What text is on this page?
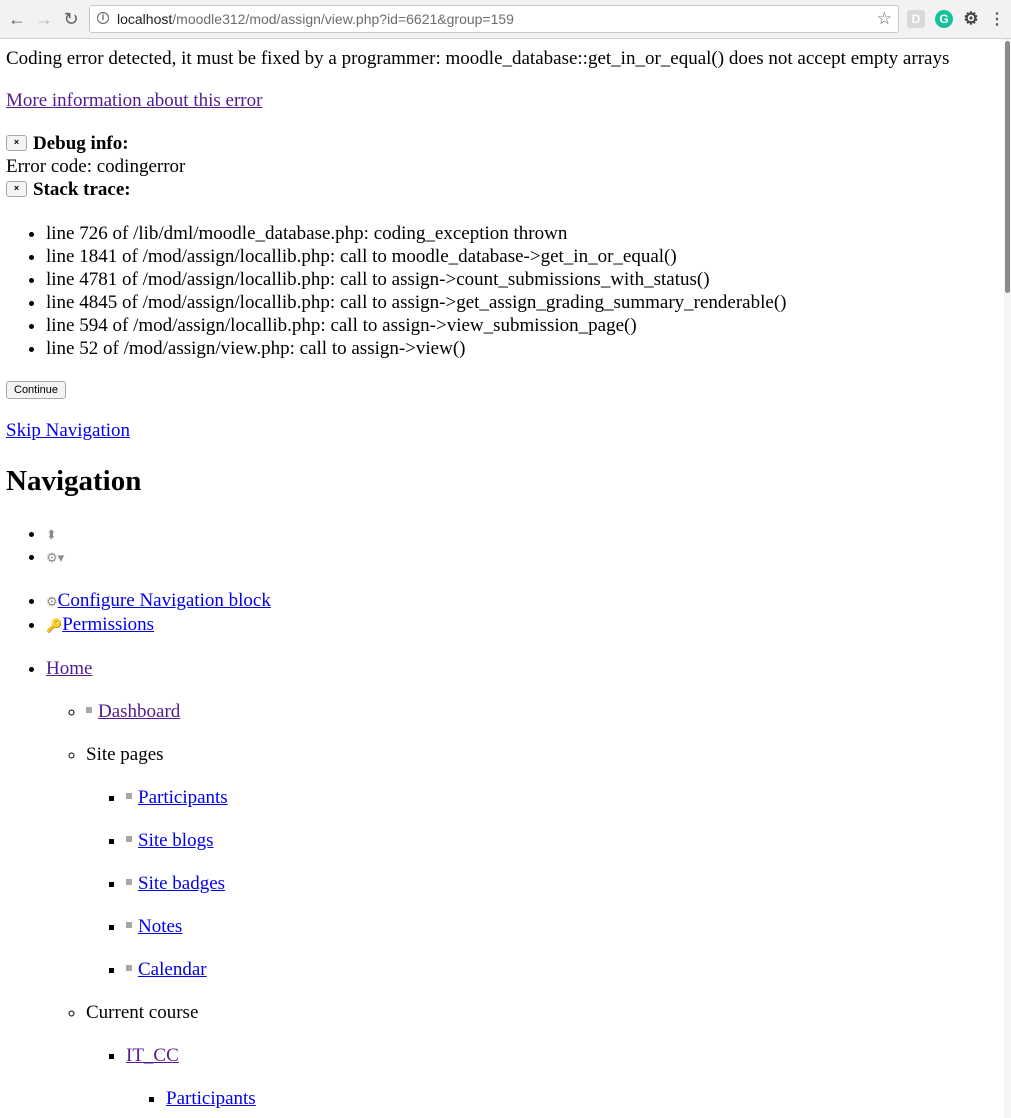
← → ↻	i localhost/moodle312/mod/assign/view.php?id=6621&group=159	☆	D	G ⚙ ⋮

Coding error detected, it must be fixed by a programmer: moodle_database::get_in_or_equal() does not accept empty arrays

More information about this error

× Debug info:
Error code: codingerror
× Stack trace:
• line 726 of /lib/dml/moodle_database.php: coding_exception thrown
• line 1841 of /mod/assign/locallib.php: call to moodle_database->get_in_or_equal()
• line 4781 of /mod/assign/locallib.php: call to assign->count_submissions_with_status()
• line 4845 of /mod/assign/locallib.php: call to assign->get_assign_grading_summary_renderable()
• line 594 of /mod/assign/locallib.php: call to assign->view_submission_page()
• line 52 of /mod/assign/view.php: call to assign->view()
Continue

Skip Navigation

Navigation
• ⬍
• ⚙▾
• ⚙Configure Navigation block
• 🔑Permissions
• Home
◦ Dashboard
◦ Site pages
▪ Participants
▪ Site blogs
▪ Site badges
▪ Notes
▪ Calendar
◦ Current course
▪ IT_CC
▪ Participants
